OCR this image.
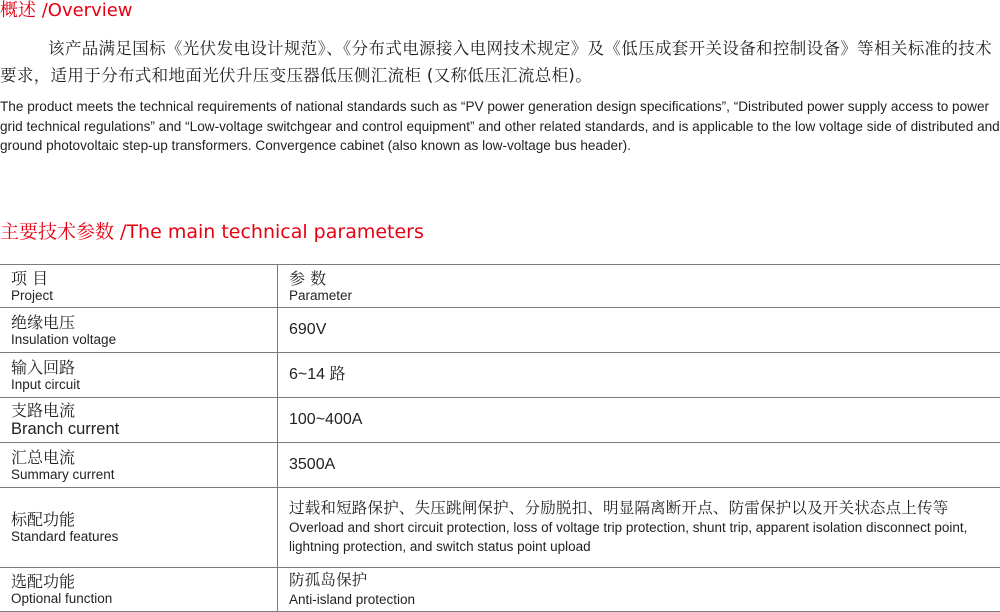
概述 /Overview

该产品满足国标《光伏发电设计规范》、《分布式电源接入电网技术规定》及《低压成套开关设备和控制设备》等相关标准的技术要求，适用于分布式和地面光伏升压变压器低压侧汇流柜 (又称低压汇流总柜)。

The product meets the technical requirements of national standards such as “PV power generation design specifications”, “Distributed power supply access to power grid technical regulations” and “Low-voltage switchgear and control equipment” and other related standards, and is applicable to the low voltage side of distributed and ground photovoltaic step-up transformers. Convergence cabinet (also known as low-voltage bus header).

主要技术参数 /The main technical parameters
项 目
Project	参 数
Parameter

绝缘电压
Insulation voltage	690V

输入回路
Input circuit	6~14 路

支路电流
Branch current	100~400A

汇总电流
Summary current	3500A

标配功能
Standard features	过载和短路保护、失压跳闸保护、分励脱扣、明显隔离断开点、防雷保护以及开关状态点上传等
Overload and short circuit protection, loss of voltage trip protection, shunt trip, apparent isolation disconnect point, lightning protection, and switch status point upload

选配功能
Optional function	防孤岛保护
Anti-island protection
